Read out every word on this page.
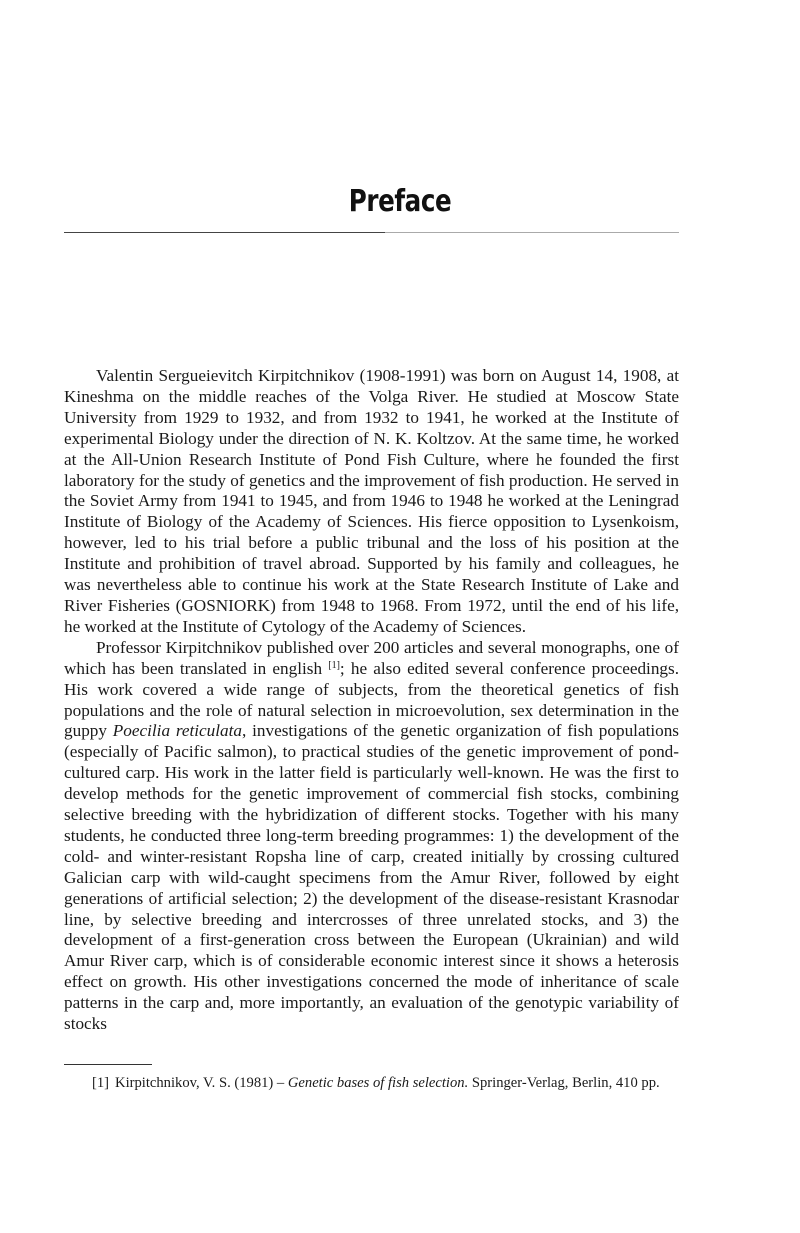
Preface

Valentin Sergueievitch Kirpitchnikov (1908-1991) was born on August 14, 1908, at Kineshma on the middle reaches of the Volga River. He studied at Moscow State University from 1929 to 1932, and from 1932 to 1941, he worked at the Institute of experimental Biology under the direction of N. K. Koltzov. At the same time, he worked at the All-Union Research Institute of Pond Fish Culture, where he founded the first laboratory for the study of genetics and the improvement of fish production. He served in the Soviet Army from 1941 to 1945, and from 1946 to 1948 he worked at the Leningrad Institute of Biology of the Academy of Sciences. His fierce opposition to Lysenkoism, however, led to his trial before a public tribunal and the loss of his position at the Institute and prohibition of travel abroad. Supported by his family and colleagues, he was nevertheless able to continue his work at the State Research Institute of Lake and River Fisheries (GOSNIORK) from 1948 to 1968. From 1972, until the end of his life, he worked at the Institute of Cytology of the Academy of Sciences.

Professor Kirpitchnikov published over 200 articles and several monographs, one of which has been translated in english [1]; he also edited several conference proceedings. His work covered a wide range of subjects, from the theoretical genetics of fish populations and the role of natural selection in microevolution, sex determination in the guppy Poecilia reticulata, investigations of the genetic organization of fish populations (especially of Pacific salmon), to practical studies of the genetic improvement of pond-cultured carp. His work in the latter field is particularly well-known. He was the first to develop methods for the genetic improvement of commercial fish stocks, combining selective breeding with the hybridization of different stocks. Together with his many students, he conducted three long-term breeding programmes: 1) the development of the cold- and winter-resistant Ropsha line of carp, created initially by crossing cultured Galician carp with wild-caught specimens from the Amur River, followed by eight generations of artificial selection; 2) the development of the disease-resistant Krasnodar line, by selective breeding and intercrosses of three unrelated stocks, and 3) the development of a first-generation cross between the European (Ukrainian) and wild Amur River carp, which is of considerable economic interest since it shows a heterosis effect on growth. His other investigations concerned the mode of inheritance of scale patterns in the carp and, more importantly, an evaluation of the genotypic variability of stocks

[1] Kirpitchnikov, V. S. (1981) – Genetic bases of fish selection. Springer-Verlag, Berlin, 410 pp.
